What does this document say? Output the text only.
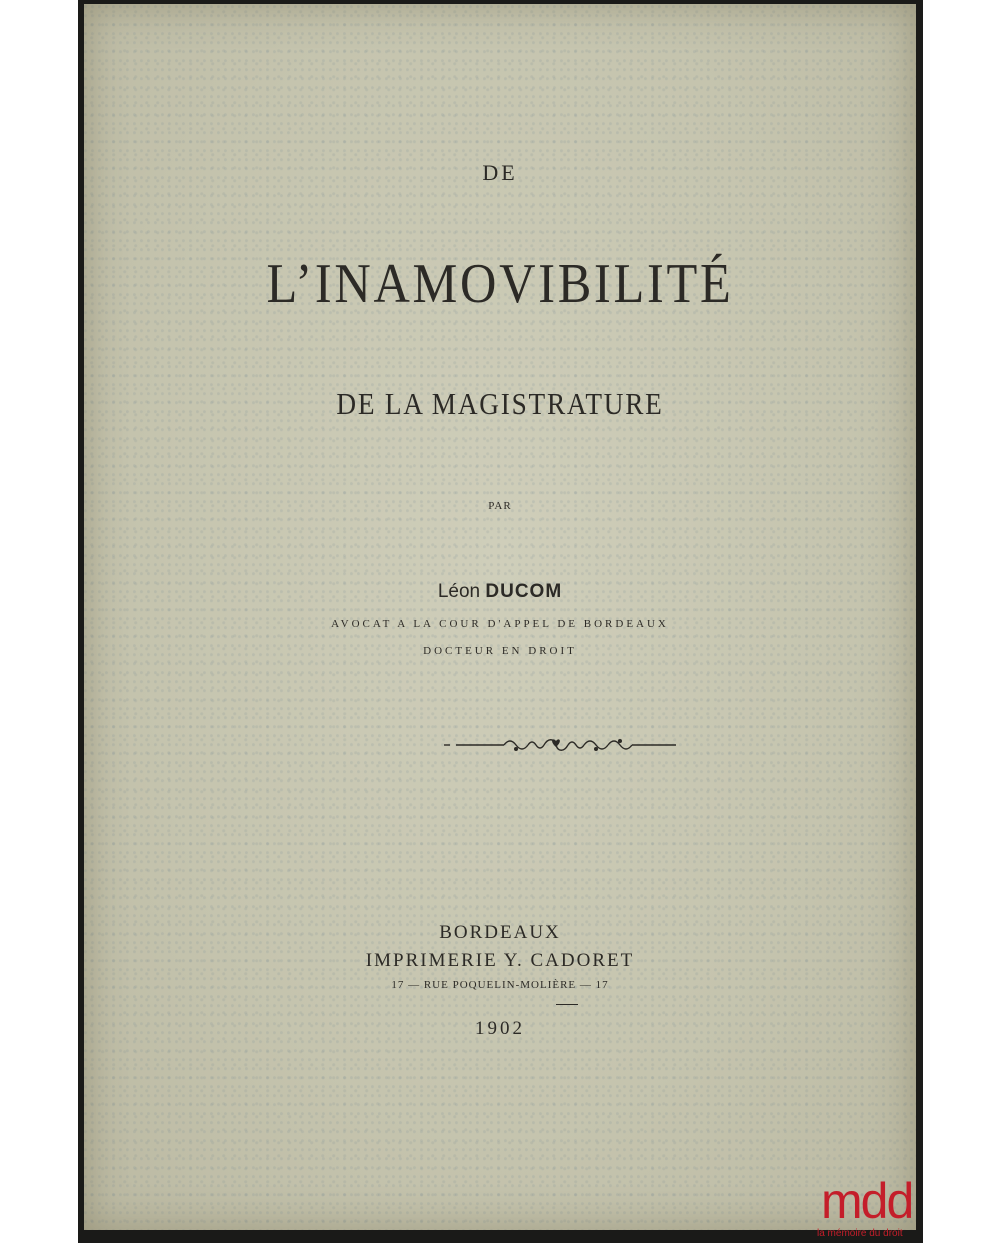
DE
L’INAMOVIBILITÉ
DE LA MAGISTRATURE
PAR
Léon DUCOM
AVOCAT A LA COUR D'APPEL DE BORDEAUX
DOCTEUR EN DROIT
BORDEAUX
IMPRIMERIE Y. CADORET
17 — RUE POQUELIN-MOLIÈRE — 17
1902
mdd
la mémoire du droit
